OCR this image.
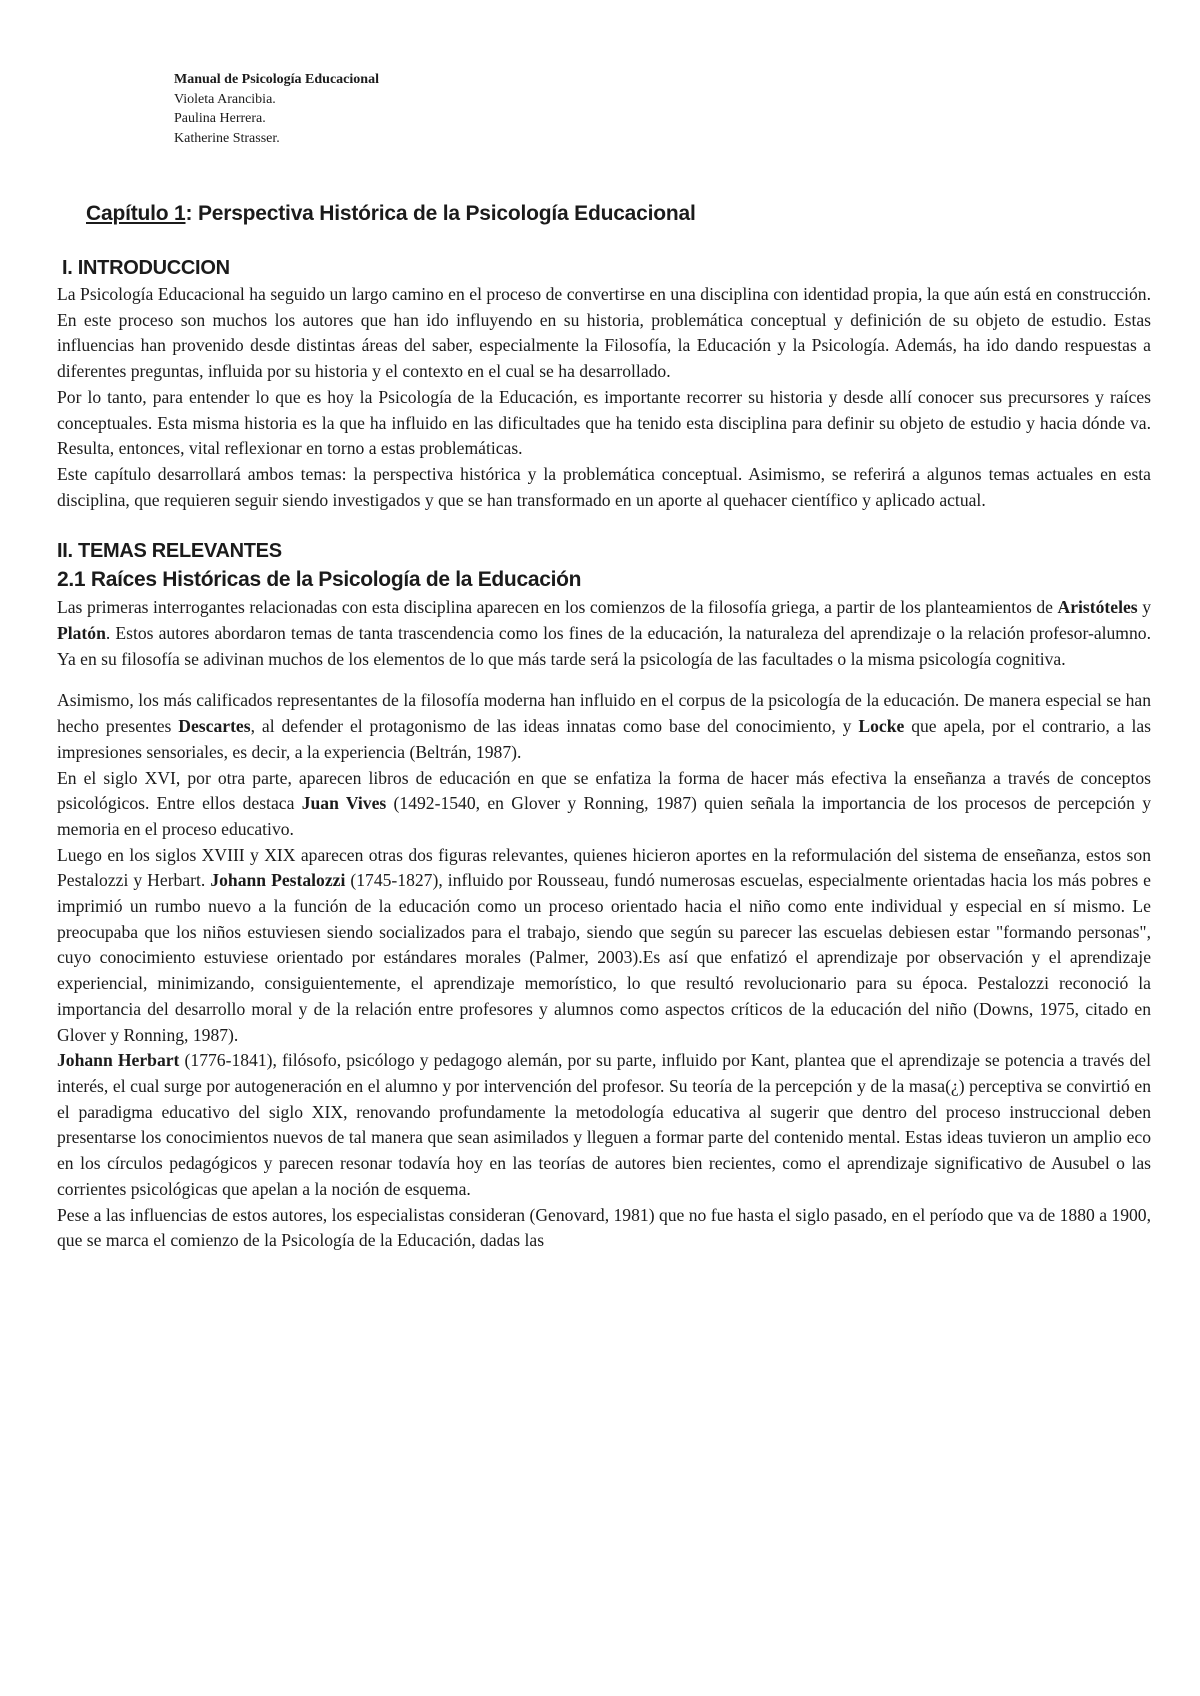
Manual de Psicología Educacional
Violeta Arancibia.
Paulina Herrera.
Katherine Strasser.
Capítulo 1: Perspectiva Histórica de la Psicología Educacional
I. INTRODUCCION

La Psicología Educacional ha seguido un largo camino en el proceso de convertirse en una disciplina con identidad propia, la que aún está en construcción. En este proceso son muchos los autores que han ido influyendo en su historia, problemática conceptual y definición de su objeto de estudio. Estas influencias han provenido desde distintas áreas del saber, especialmente la Filosofía, la Educación y la Psicología. Además, ha ido dando respuestas a diferentes preguntas, influida por su historia y el contexto en el cual se ha desarrollado.

Por lo tanto, para entender lo que es hoy la Psicología de la Educación, es importante recorrer su historia y desde allí conocer sus precursores y raíces conceptuales. Esta misma historia es la que ha influido en las dificultades que ha tenido esta disciplina para definir su objeto de estudio y hacia dónde va. Resulta, entonces, vital reflexionar en torno a estas problemáticas.

Este capítulo desarrollará ambos temas: la perspectiva histórica y la problemática conceptual. Asimismo, se referirá a algunos temas actuales en esta disciplina, que requieren seguir siendo investigados y que se han transformado en un aporte al quehacer científico y aplicado actual.

II. TEMAS RELEVANTES
2.1 Raíces Históricas de la Psicología de la Educación

Las primeras interrogantes relacionadas con esta disciplina aparecen en los comienzos de la filosofía griega, a partir de los planteamientos de Aristóteles y Platón. Estos autores abordaron temas de tanta trascendencia como los fines de la educación, la naturaleza del aprendizaje o la relación profesor-alumno. Ya en su filosofía se adivinan muchos de los elementos de lo que más tarde será la psicología de las facultades o la misma psicología cognitiva.

Asimismo, los más calificados representantes de la filosofía moderna han influido en el corpus de la psicología de la educación. De manera especial se han hecho presentes Descartes, al defender el protagonismo de las ideas innatas como base del conocimiento, y Locke que apela, por el contrario, a las impresiones sensoriales, es decir, a la experiencia (Beltrán, 1987).

En el siglo XVI, por otra parte, aparecen libros de educación en que se enfatiza la forma de hacer más efectiva la enseñanza a través de conceptos psicológicos. Entre ellos destaca Juan Vives (1492-1540, en Glover y Ronning, 1987) quien señala la importancia de los procesos de percepción y memoria en el proceso educativo.

Luego en los siglos XVIII y XIX aparecen otras dos figuras relevantes, quienes hicieron aportes en la reformulación del sistema de enseñanza, estos son Pestalozzi y Herbart. Johann Pestalozzi (1745-1827), influido por Rousseau, fundó numerosas escuelas, especialmente orientadas hacia los más pobres e imprimió un rumbo nuevo a la función de la educación como un proceso orientado hacia el niño como ente individual y especial en sí mismo. Le preocupaba que los niños estuviesen siendo socializados para el trabajo, siendo que según su parecer las escuelas debiesen estar "formando personas", cuyo conocimiento estuviese orientado por estándares morales (Palmer, 2003).Es así que enfatizó el aprendizaje por observación y el aprendizaje experiencial, minimizando, consiguientemente, el aprendizaje memorístico, lo que resultó revolucionario para su época. Pestalozzi reconoció la importancia del desarrollo moral y de la relación entre profesores y alumnos como aspectos críticos de la educación del niño (Downs, 1975, citado en Glover y Ronning, 1987).

Johann Herbart (1776-1841), filósofo, psicólogo y pedagogo alemán, por su parte, influido por Kant, plantea que el aprendizaje se potencia a través del interés, el cual surge por autogeneración en el alumno y por intervención del profesor. Su teoría de la percepción y de la masa(¿) perceptiva se convirtió en el paradigma educativo del siglo XIX, renovando profundamente la metodología educativa al sugerir que dentro del proceso instruccional deben presentarse los conocimientos nuevos de tal manera que sean asimilados y lleguen a formar parte del contenido mental. Estas ideas tuvieron un amplio eco en los círculos pedagógicos y parecen resonar todavía hoy en las teorías de autores bien recientes, como el aprendizaje significativo de Ausubel o las corrientes psicológicas que apelan a la noción de esquema.

Pese a las influencias de estos autores, los especialistas consideran (Genovard, 1981) que no fue hasta el siglo pasado, en el período que va de 1880 a 1900, que se marca el comienzo de la Psicología de la Educación, dadas las
